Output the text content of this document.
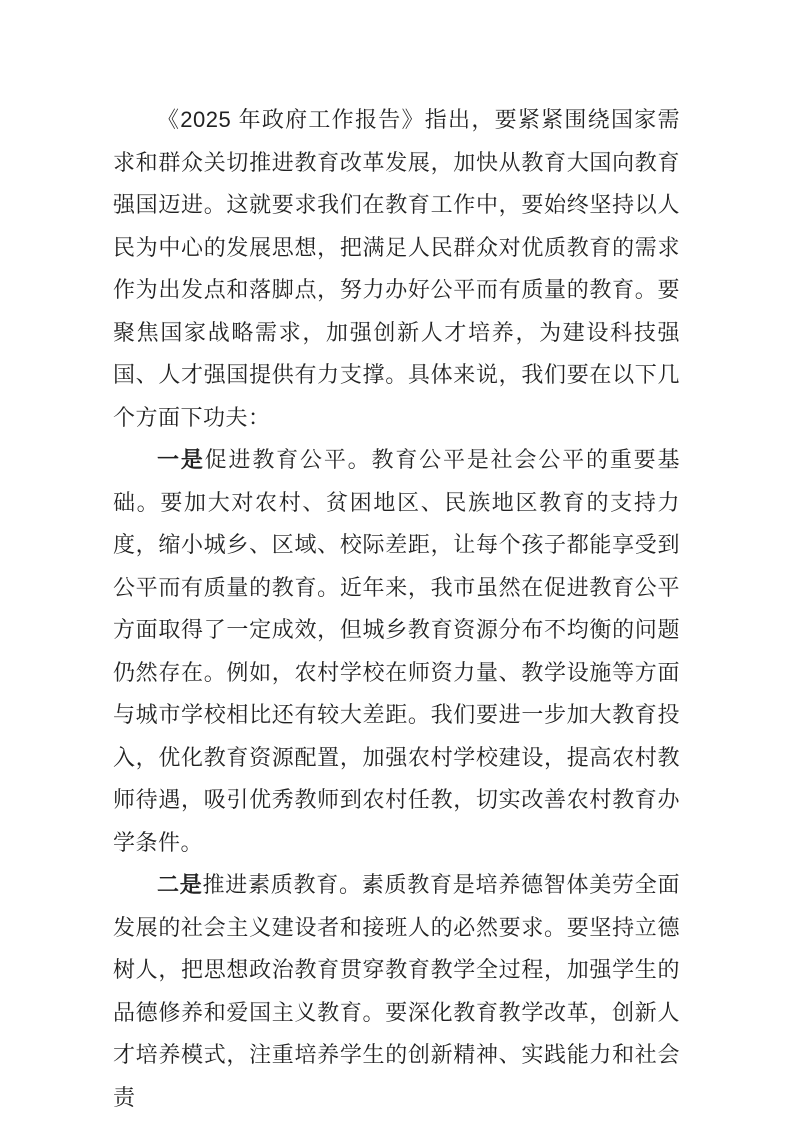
《2025 年政府工作报告》指出，要紧紧围绕国家需求和群众关切推进教育改革发展，加快从教育大国向教育强国迈进。这就要求我们在教育工作中，要始终坚持以人民为中心的发展思想，把满足人民群众对优质教育的需求作为出发点和落脚点，努力办好公平而有质量的教育。要聚焦国家战略需求，加强创新人才培养，为建设科技强国、人才强国提供有力支撑。具体来说，我们要在以下几个方面下功夫：

一是促进教育公平。教育公平是社会公平的重要基础。要加大对农村、贫困地区、民族地区教育的支持力度，缩小城乡、区域、校际差距，让每个孩子都能享受到公平而有质量的教育。近年来，我市虽然在促进教育公平方面取得了一定成效，但城乡教育资源分布不均衡的问题仍然存在。例如，农村学校在师资力量、教学设施等方面与城市学校相比还有较大差距。我们要进一步加大教育投入，优化教育资源配置，加强农村学校建设，提高农村教师待遇，吸引优秀教师到农村任教，切实改善农村教育办学条件。

二是推进素质教育。素质教育是培养德智体美劳全面发展的社会主义建设者和接班人的必然要求。要坚持立德树人，把思想政治教育贯穿教育教学全过程，加强学生的品德修养和爱国主义教育。要深化教育教学改革，创新人才培养模式，注重培养学生的创新精神、实践能力和社会责
